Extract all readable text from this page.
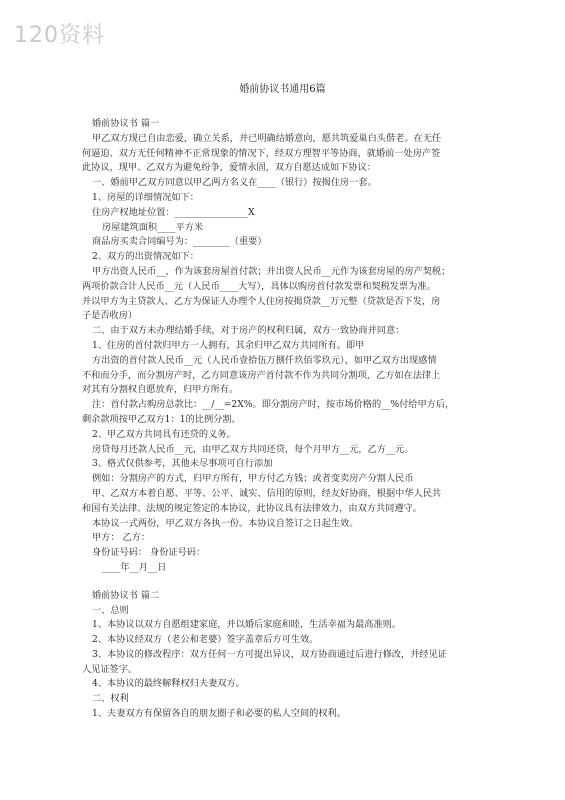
120资料
婚前协议书通用6篇

婚前协议书 篇一

甲乙双方现已自由恋爱，确立关系，并已明确结婚意向，愿共筑爱巢白头偕老。在无任

何逼迫、双方无任何精神不正常现象的情况下，经双方理智平等协商，就婚前一处房产签

此协议，现甲、乙双方为避免纷争，爱情永固，双方自愿达成如下协议：

一、婚前甲乙双方同意以甲乙两方名义在____（银行）按揭住房一套。

1、房屋的详细情况如下：

住房产权地址位置：________________X

房屋建筑面积____平方米

商品房买卖合同编号为：________（重要）

2、双方的出资情况如下：

甲方出资人民币__，作为该套房屋首付款；并出资人民币__元作为该套房屋的房产契税；

两项价款合计人民币__元（人民币____大写），具体以购房首付款发票和契税发票为准。

并以甲方为主贷款人、乙方为保证人办理个人住房按揭贷款__万元整（贷款是否下发，房

子是否收房）

二、由于双方未办理结婚手续，对于房产的权利归属，双方一致协商并同意：

1、住房的首付款归甲方一人拥有，其余归甲乙双方共同所有。即甲

方出资的首付款人民币__元（人民币壹拾伍万捌仟玖佰零玖元），如甲乙双方出现感情

不和而分手，而分割房产时，乙方同意该房产首付款不作为共同分割项，乙方如在法律上

对其有分割权自愿放弃，归甲方所有。

注：首付款占购房总款比：__/__=2X%。即分割房产时，按市场价格的__%付给甲方后，

剩余款项按甲乙双方1：1的比例分割。

2、甲乙双方共同具有还贷的义务。

房贷每月还款人民币__元，由甲乙双方共同还贷，每个月甲方__元，乙方__元。

3、格式仅供参考，其他未尽事项可自行添加

例如：分割房产的方式，归甲方所有，甲方付乙方钱；或者变卖房产分割人民币

甲、乙双方本着自愿、平等、公平、诚实、信用的原则，经友好协商，根据中华人民共

和国有关法律、法规的规定签定的本协议，此协议具有法律效力，由双方共同遵守。

本协议一式两份，甲乙双方各执一份。本协议自签订之日起生效。

甲方： 乙方：

身份证号码： 身份证号码：

____年__月__日

婚前协议书 篇二

一、总则

1、本协议以双方自愿组建家庭，并以婚后家庭和睦，生活幸福为最高准则。

2、本协议经双方（老公和老婆）签字盖章后方可生效。

3、本协议的修改程序：双方任何一方可提出异议，双方协商通过后进行修改，并经见证

人见证签字。

4、本协议的最终解释权归夫妻双方。

二、权利

1、夫妻双方有保留各自的朋友圈子和必要的私人空间的权利。
